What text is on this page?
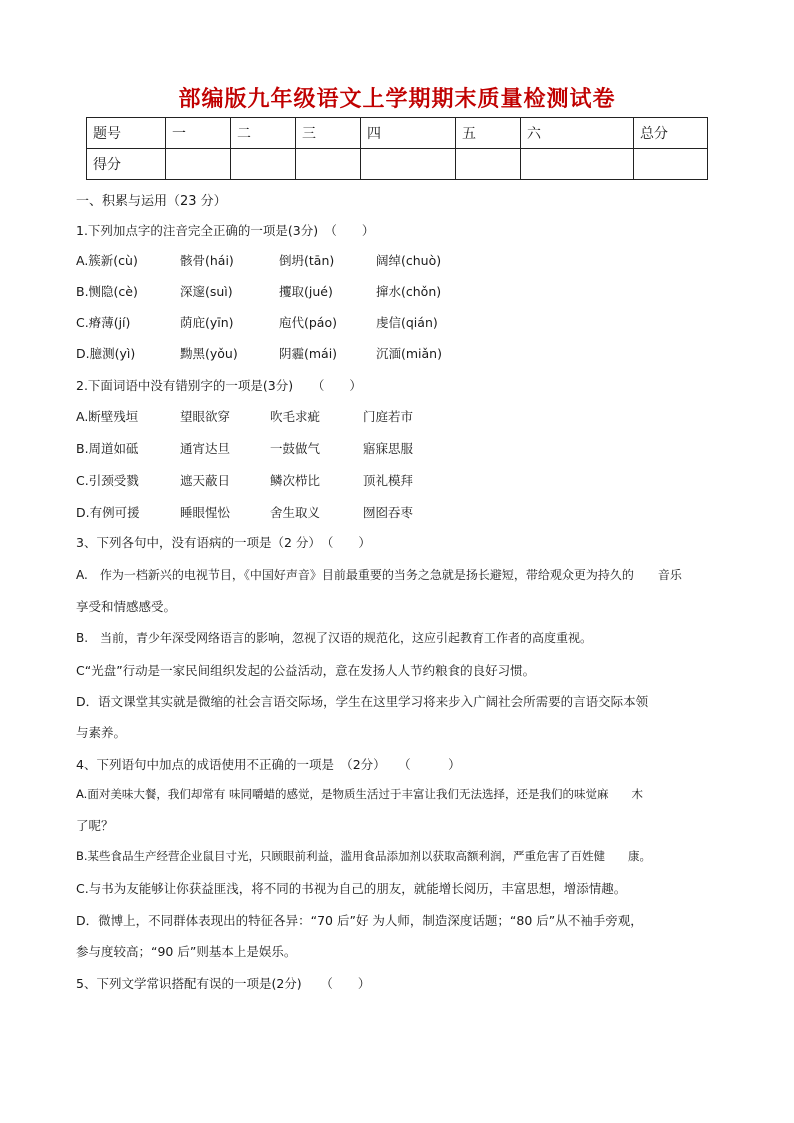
部编版九年级语文上学期期末质量检测试卷
题号	一	二	三	四	五	六	总分
得分							
一、积累与运用（23 分）
1.下列加点字的注音完全正确的一项是(3分)　（　　）
A.簇新(cù)	骸骨(hái)	倒坍(tān)	阔绰(chuò)
B.恻隐(cè)	深邃(suì)	攫取(jué)	撺水(chǒn)
C.瘠薄(jí)	荫庇(yīn)	庖代(páo)	虔信(qián)
D.臆测(yì)	黝黑(yǒu)	阴霾(mái)	沉湎(miǎn)
2.下面词语中没有错别字的一项是(3分)　　（　　）
A.断壁残垣	望眼欲穿	吹毛求疵	门庭若市
B.周道如砥	通宵达旦	一鼓做气	寤寐思服
C.引颈受戮	遮天蔽日	鳞次栉比	顶礼模拜
D.有例可援	睡眼惺忪	舍生取义	囫囵吞枣
3、下列各句中，没有语病的一项是（2 分）　（　　）
A.　作为一档新兴的电视节目，《中国好声音》目前最重要的当务之急就是扬长避短，带给观众更为持久的　　音乐
享受和情感感受。
B.　当前，青少年深受网络语言的影响，忽视了汉语的规范化，这应引起教育工作者的高度重视。
C“光盘”行动是一家民间组织发起的公益活动，意在发扬人人节约粮食的良好习惯。
D．语文课堂其实就是微缩的社会言语交际场，学生在这里学习将来步入广阔社会所需要的言语交际本领
与素养。
4、下列语句中加点的成语使用不正确的一项是　（2分）　　（　　　）
A.面对美味大餐，我们却常有 味同嚼蜡的感觉，是物质生活过于丰富让我们无法选择，还是我们的味觉麻　　木
了呢？
B.某些食品生产经营企业鼠目寸光，只顾眼前利益，滥用食品添加剂以获取高额利润，严重危害了百姓健　　康。
C.与书为友能够让你获益匪浅，将不同的书视为自己的朋友，就能增长阅历，丰富思想，增添情趣。
D．微博上，不同群体表现出的特征各异：“70 后”好 为人师，制造深度话题；“80 后”从不袖手旁观，
参与度较高；“90 后”则基本上是娱乐。
5、下列文学常识搭配有误的一项是(2分)　　（　　）
